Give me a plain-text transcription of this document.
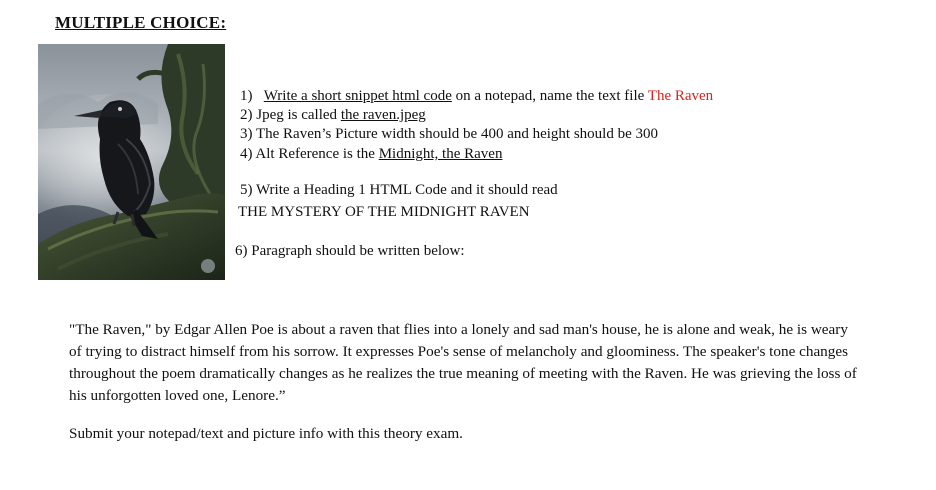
MULTIPLE CHOICE:
1) Write a short snippet html code on a notepad, name the text file The Raven
2) Jpeg is called the raven.jpeg
3) The Raven’s Picture width should be 400 and height should be 300
4) Alt Reference is the Midnight, the Raven
5) Write a Heading 1 HTML Code and it should read
THE MYSTERY OF THE MIDNIGHT RAVEN
6) Paragraph should be written below:
"The Raven," by Edgar Allen Poe is about a raven that flies into a lonely and sad man's house, he is alone and weak, he is weary of trying to distract himself from his sorrow. It expresses Poe's sense of melancholy and gloominess. The speaker's tone changes throughout the poem dramatically changes as he realizes the true meaning of meeting with the Raven. He was grieving the loss of his unforgotten loved one, Lenore.”
Submit your notepad/text and picture info with this theory exam.
